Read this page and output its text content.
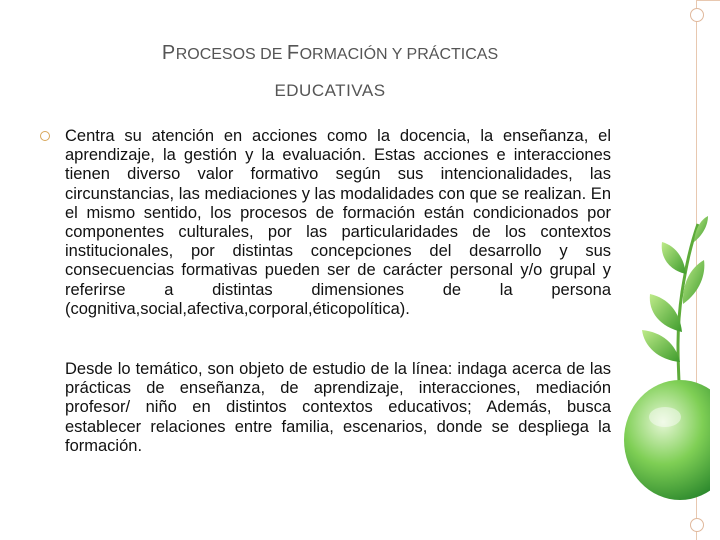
PROCESOS DE FORMACIÓN Y PRÁCTICAS
EDUCATIVAS

Centra su atención en acciones como la docencia, la enseñanza, el aprendizaje, la gestión y la evaluación. Estas acciones e interacciones tienen diverso valor formativo según sus intencionalidades, las circunstancias, las mediaciones y las modalidades con que se realizan. En el mismo sentido, los procesos de formación están condicionados por componentes culturales, por las particularidades de los contextos institucionales, por distintas concepciones del desarrollo y sus consecuencias formativas pueden ser de carácter personal y/o grupal y referirse a distintas dimensiones de la persona (cognitiva,social,afectiva,corporal,éticopolítica).

Desde lo temático, son objeto de estudio de la línea: indaga acerca de las prácticas de enseñanza, de aprendizaje, interacciones, mediación profesor/ niño en distintos contextos educativos; Además, busca establecer relaciones entre familia, escenarios, donde se despliega la formación.
